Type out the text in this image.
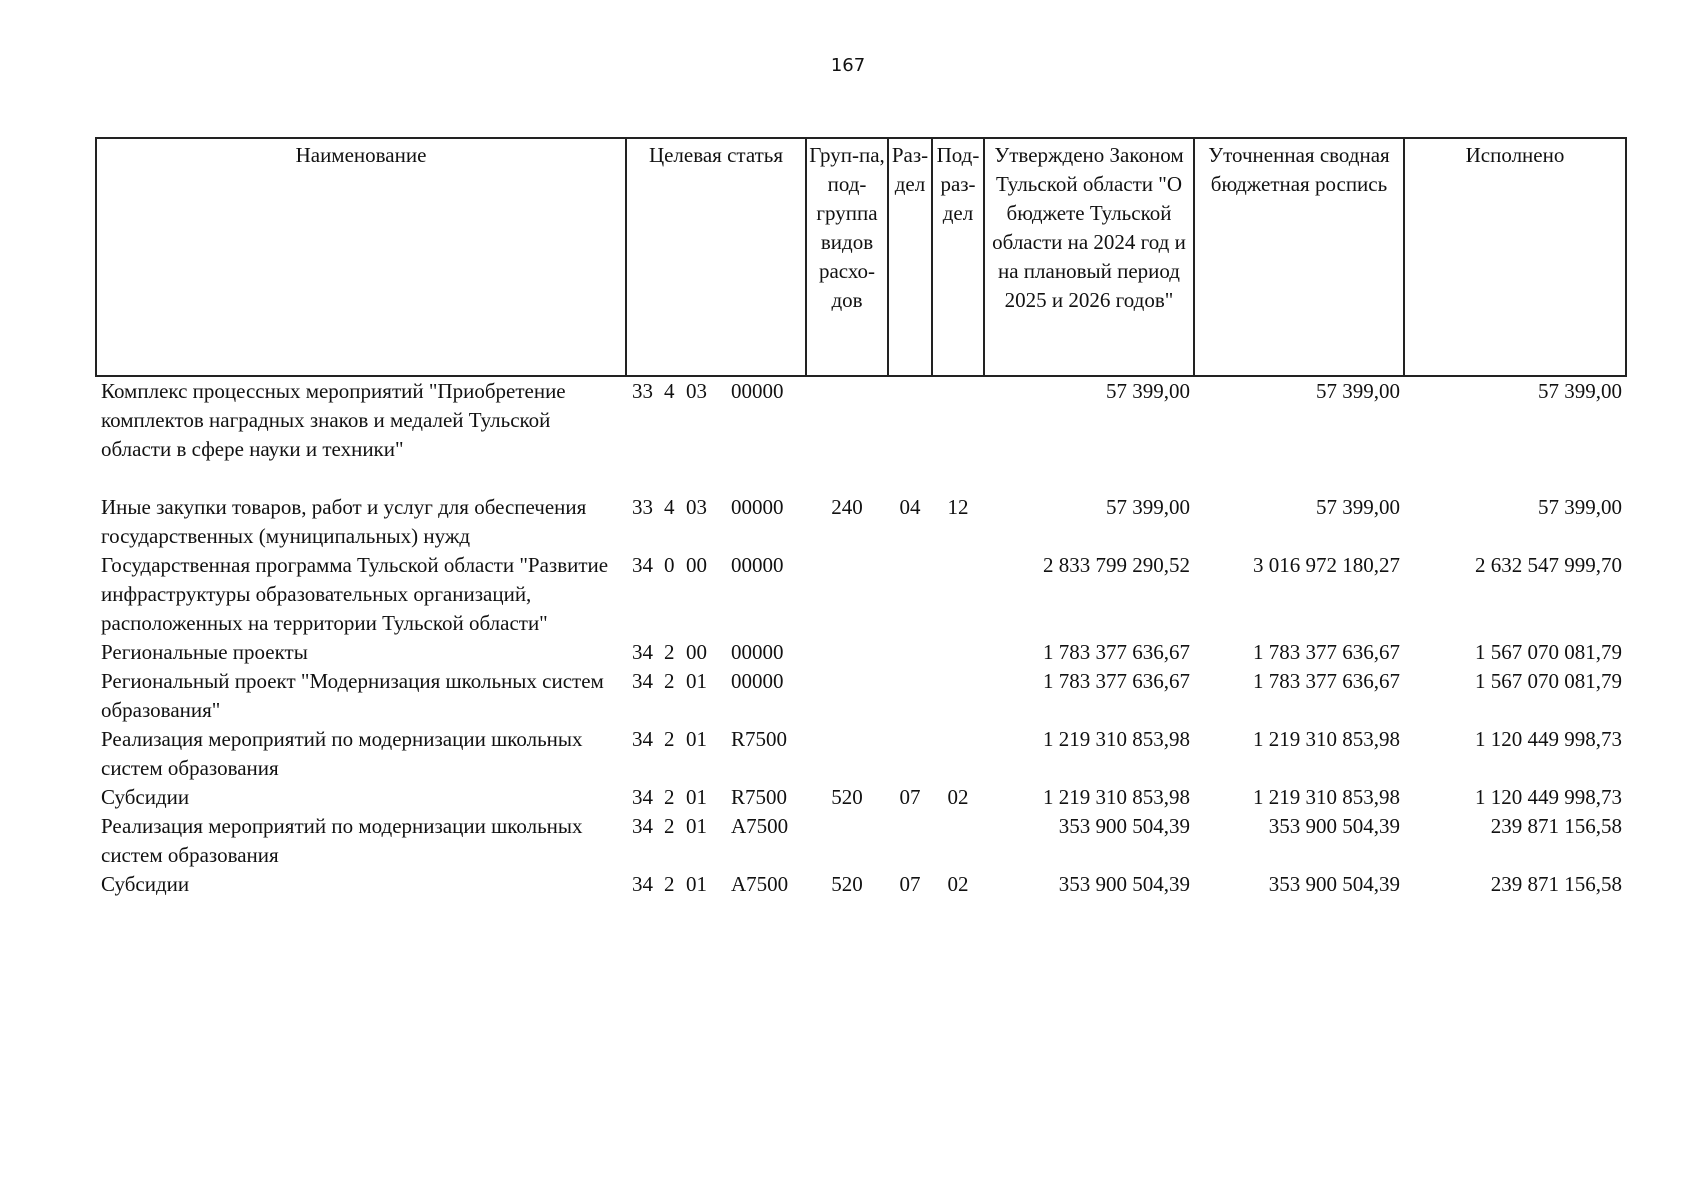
167
Наименование	Целевая статья	Груп-па, под-группа видов расхо-дов	Раз-дел	Под-раз-дел	Утверждено Законом Тульской области "О бюджете Тульской области на 2024 год и на плановый период 2025 и 2026 годов"	Уточненная сводная бюджетная роспись	Исполнено
Комплекс процессных мероприятий "Приобретение комплектов наградных знаков и медалей Тульской области в сфере науки и техники"	33 4 03 00000				57 399,00	57 399,00	57 399,00
Иные закупки товаров, работ и услуг для обеспечения государственных (муниципальных) нужд	33 4 03 00000	240	04	12	57 399,00	57 399,00	57 399,00
Государственная программа Тульской области "Развитие инфраструктуры образовательных организаций, расположенных на территории Тульской области"	34 0 00 00000				2 833 799 290,52	3 016 972 180,27	2 632 547 999,70
Региональные проекты	34 2 00 00000				1 783 377 636,67	1 783 377 636,67	1 567 070 081,79
Региональный проект "Модернизация школьных систем образования"	34 2 01 00000				1 783 377 636,67	1 783 377 636,67	1 567 070 081,79
Реализация мероприятий по модернизации школьных систем образования	34 2 01 R7500				1 219 310 853,98	1 219 310 853,98	1 120 449 998,73
Субсидии	34 2 01 R7500	520	07	02	1 219 310 853,98	1 219 310 853,98	1 120 449 998,73
Реализация мероприятий по модернизации школьных систем образования	34 2 01 А7500				353 900 504,39	353 900 504,39	239 871 156,58
Субсидии	34 2 01 А7500	520	07	02	353 900 504,39	353 900 504,39	239 871 156,58
